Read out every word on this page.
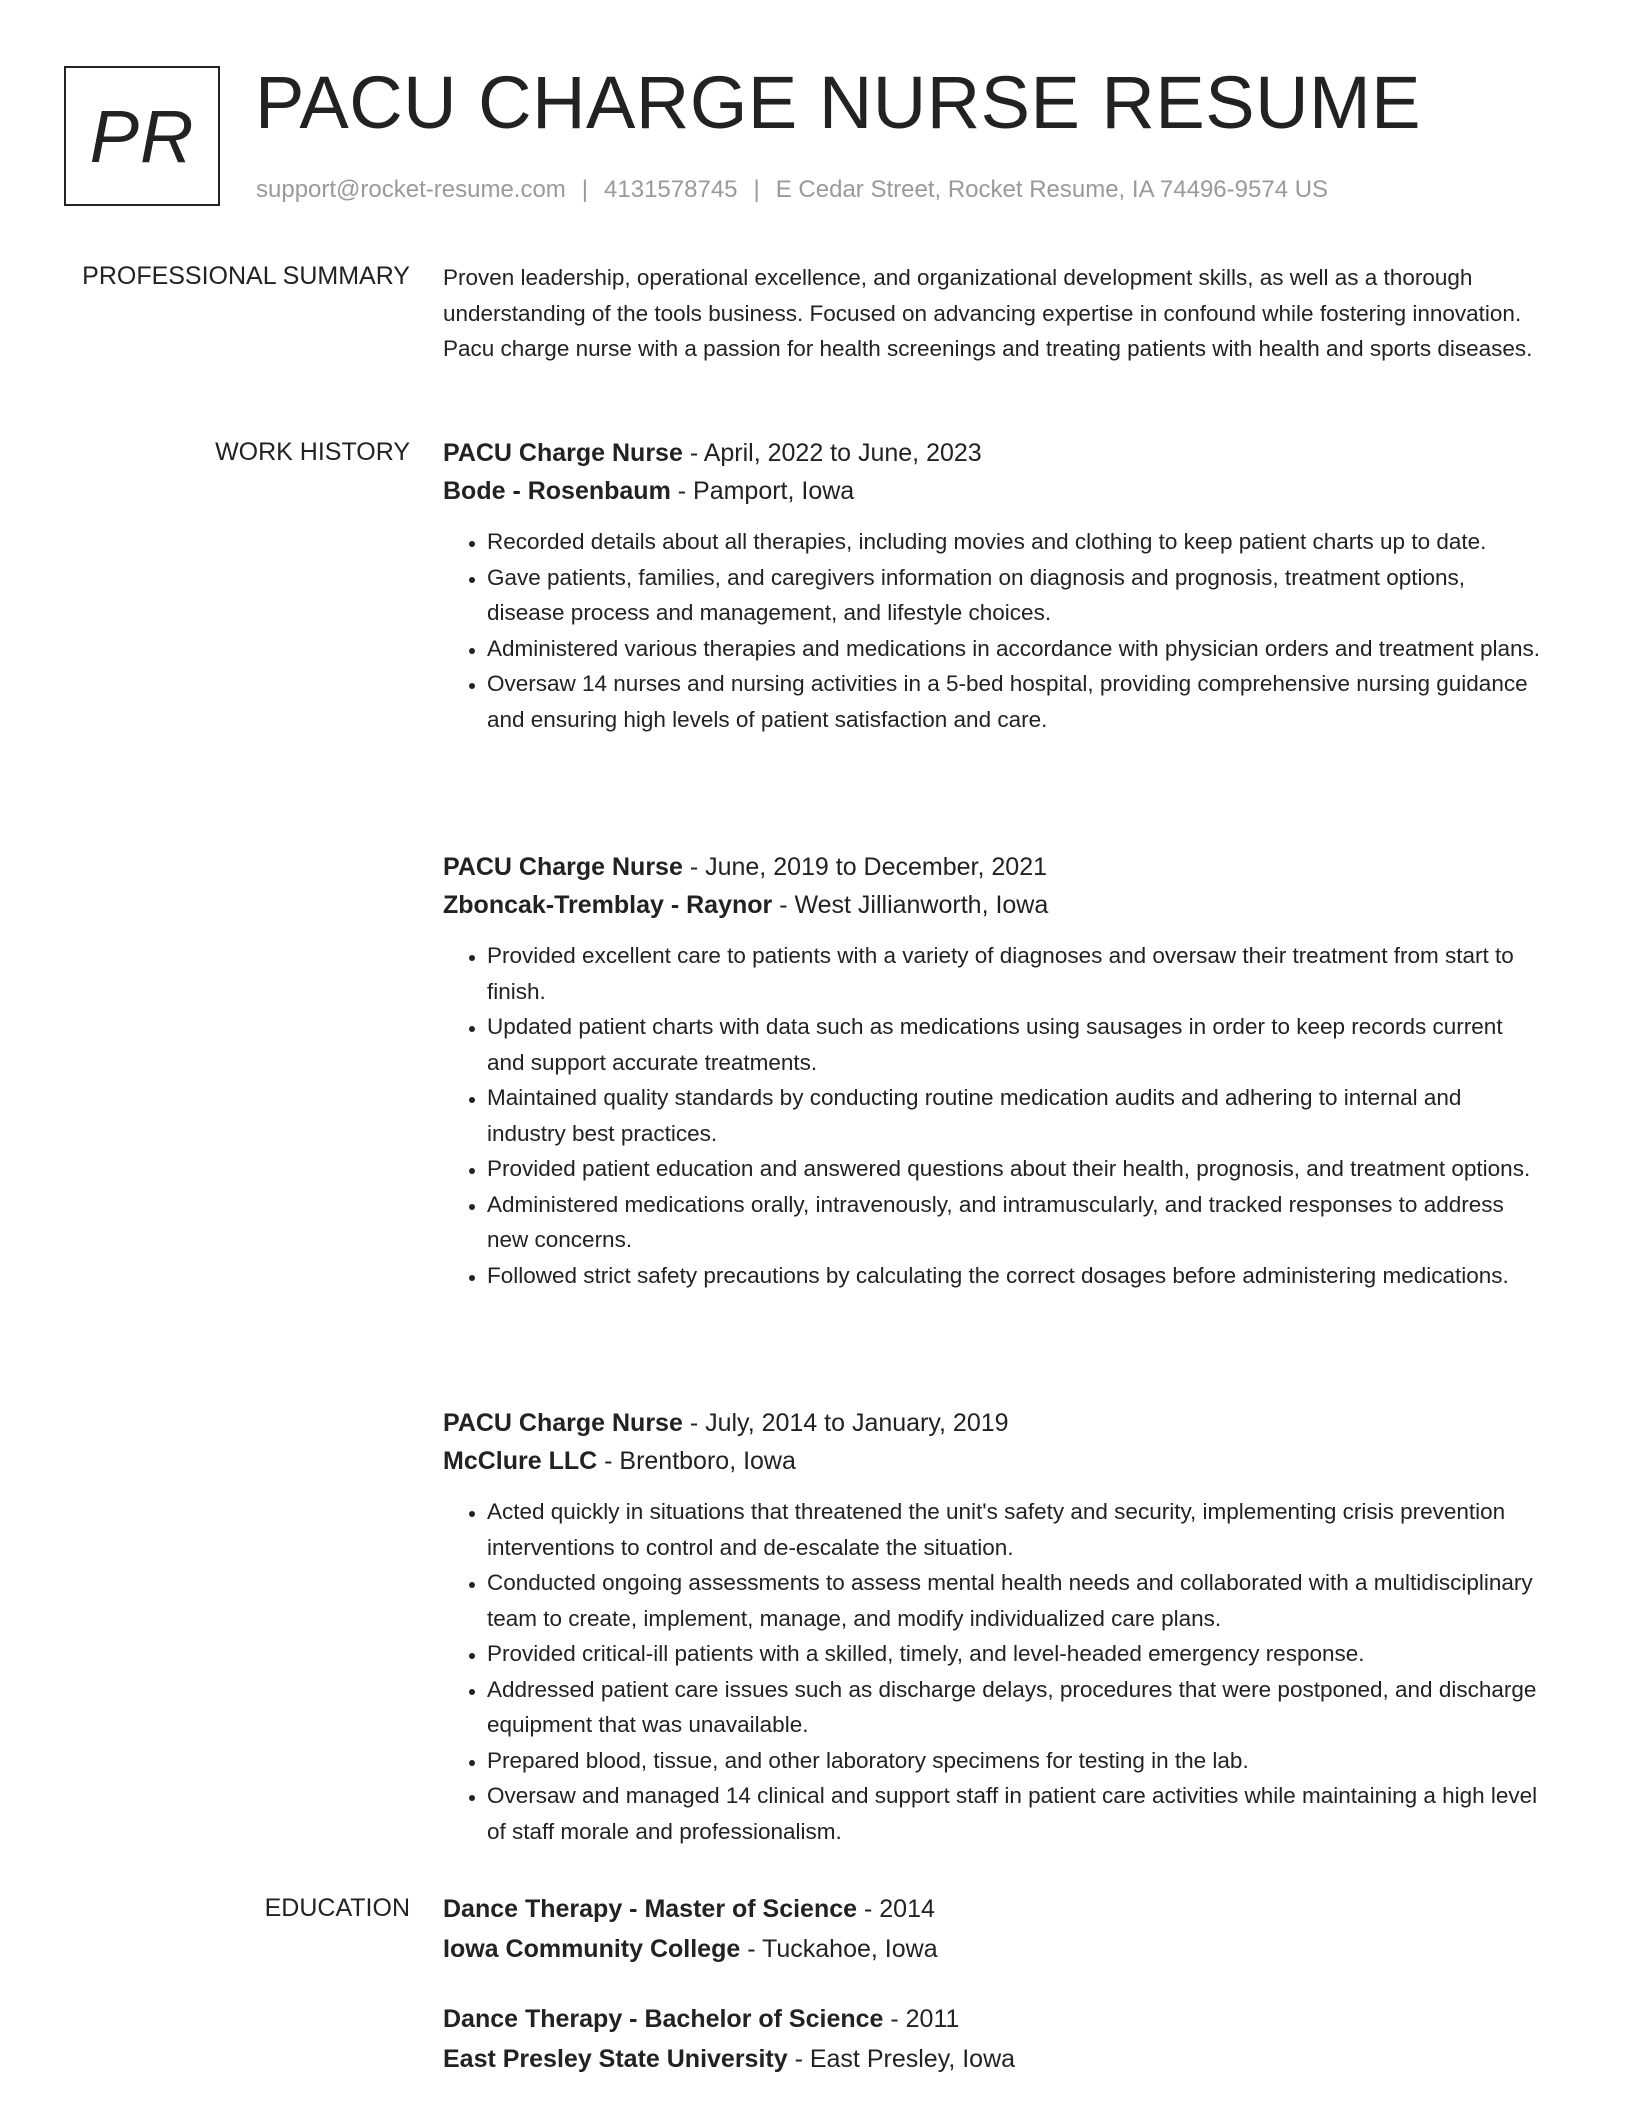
PR PACU CHARGE NURSE RESUME
support@rocket-resume.com | 4131578745 | E Cedar Street, Rocket Resume, IA 74496-9574 US
PROFESSIONAL SUMMARY Proven leadership, operational excellence, and organizational development skills, as well as a thorough understanding of the tools business. Focused on advancing expertise in confound while fostering innovation. Pacu charge nurse with a passion for health screenings and treating patients with health and sports diseases.

WORK HISTORY PACU Charge Nurse - April, 2022 to June, 2023

Bode - Rosenbaum - Pamport, Iowa

• Recorded details about all therapies, including movies and clothing to keep patient charts up to date.
• Gave patients, families, and caregivers information on diagnosis and prognosis, treatment options, disease process and management, and lifestyle choices.
• Administered various therapies and medications in accordance with physician orders and treatment plans.
• Oversaw 14 nurses and nursing activities in a 5-bed hospital, providing comprehensive nursing guidance and ensuring high levels of patient satisfaction and care.

PACU Charge Nurse - June, 2019 to December, 2021

Zboncak-Tremblay - Raynor - West Jillianworth, Iowa

• Provided excellent care to patients with a variety of diagnoses and oversaw their treatment from start to finish.
• Updated patient charts with data such as medications using sausages in order to keep records current and support accurate treatments.
• Maintained quality standards by conducting routine medication audits and adhering to internal and industry best practices.
• Provided patient education and answered questions about their health, prognosis, and treatment options.
• Administered medications orally, intravenously, and intramuscularly, and tracked responses to address new concerns.
• Followed strict safety precautions by calculating the correct dosages before administering medications.

PACU Charge Nurse - July, 2014 to January, 2019

McClure LLC - Brentboro, Iowa

• Acted quickly in situations that threatened the unit's safety and security, implementing crisis prevention interventions to control and de-escalate the situation.
• Conducted ongoing assessments to assess mental health needs and collaborated with a multidisciplinary team to create, implement, manage, and modify individualized care plans.
• Provided critical-ill patients with a skilled, timely, and level-headed emergency response.
• Addressed patient care issues such as discharge delays, procedures that were postponed, and discharge equipment that was unavailable.
• Prepared blood, tissue, and other laboratory specimens for testing in the lab.
• Oversaw and managed 14 clinical and support staff in patient care activities while maintaining a high level of staff morale and professionalism.
EDUCATION Dance Therapy - Master of Science - 2014

Iowa Community College - Tuckahoe, Iowa

Dance Therapy - Bachelor of Science - 2011

East Presley State University - East Presley, Iowa
